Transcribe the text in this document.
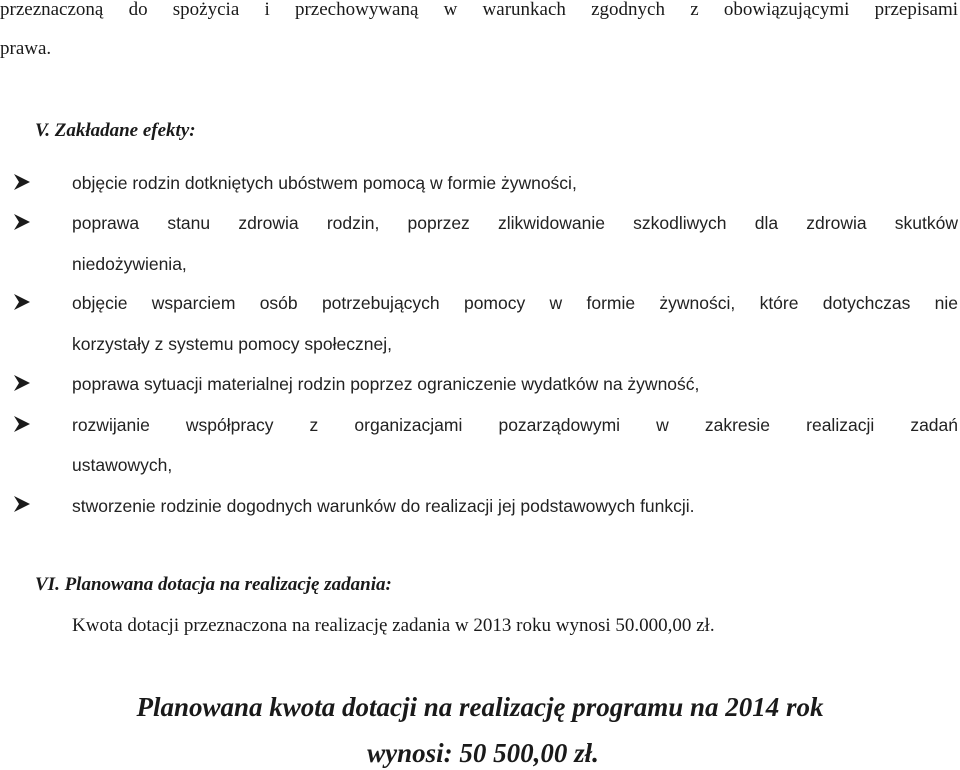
przeznaczoną do spożycia i przechowywaną w warunkach zgodnych z obowiązującymi przepisami
prawa.
V. Zakładane efekty:
objęcie rodzin dotkniętych ubóstwem pomocą w formie żywności,
poprawa stanu zdrowia rodzin, poprzez zlikwidowanie szkodliwych dla zdrowia skutków
niedożywienia,
objęcie wsparciem osób potrzebujących pomocy w formie żywności, które dotychczas nie
korzystały z systemu pomocy społecznej,
poprawa sytuacji materialnej rodzin poprzez ograniczenie wydatków na żywność,
rozwijanie współpracy z organizacjami pozarządowymi w zakresie realizacji zadań
ustawowych,
stworzenie rodzinie dogodnych warunków do realizacji jej podstawowych funkcji.
VI. Planowana dotacja na realizację zadania:
Kwota dotacji przeznaczona na realizację zadania w 2013 roku wynosi 50.000,00 zł.
Planowana kwota dotacji na realizację programu na 2014 rok
wynosi: 50 500,00 zł.
